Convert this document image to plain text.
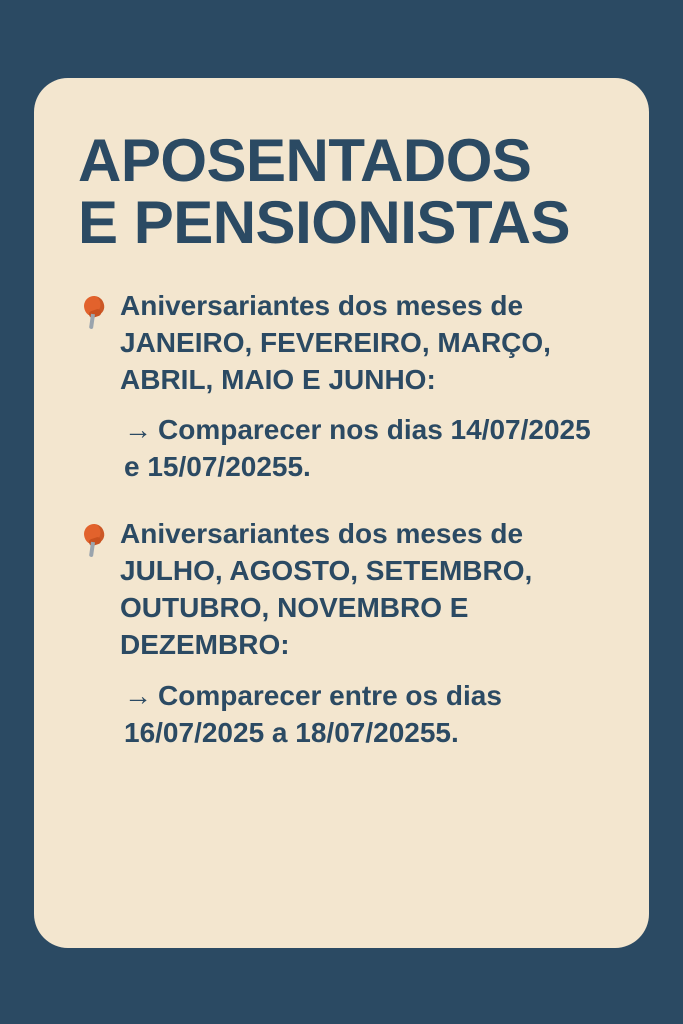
APOSENTADOS
E PENSIONISTAS
Aniversariantes dos meses de
JANEIRO, FEVEREIRO, MARÇO, ABRIL, MAIO E JUNHO:
→ Comparecer nos dias 14/07/2025 e 15/07/20255.
Aniversariantes dos meses de
JULHO, AGOSTO, SETEMBRO, OUTUBRO, NOVEMBRO E DEZEMBRO:
→ Comparecer entre os dias 16/07/2025 a 18/07/20255.
